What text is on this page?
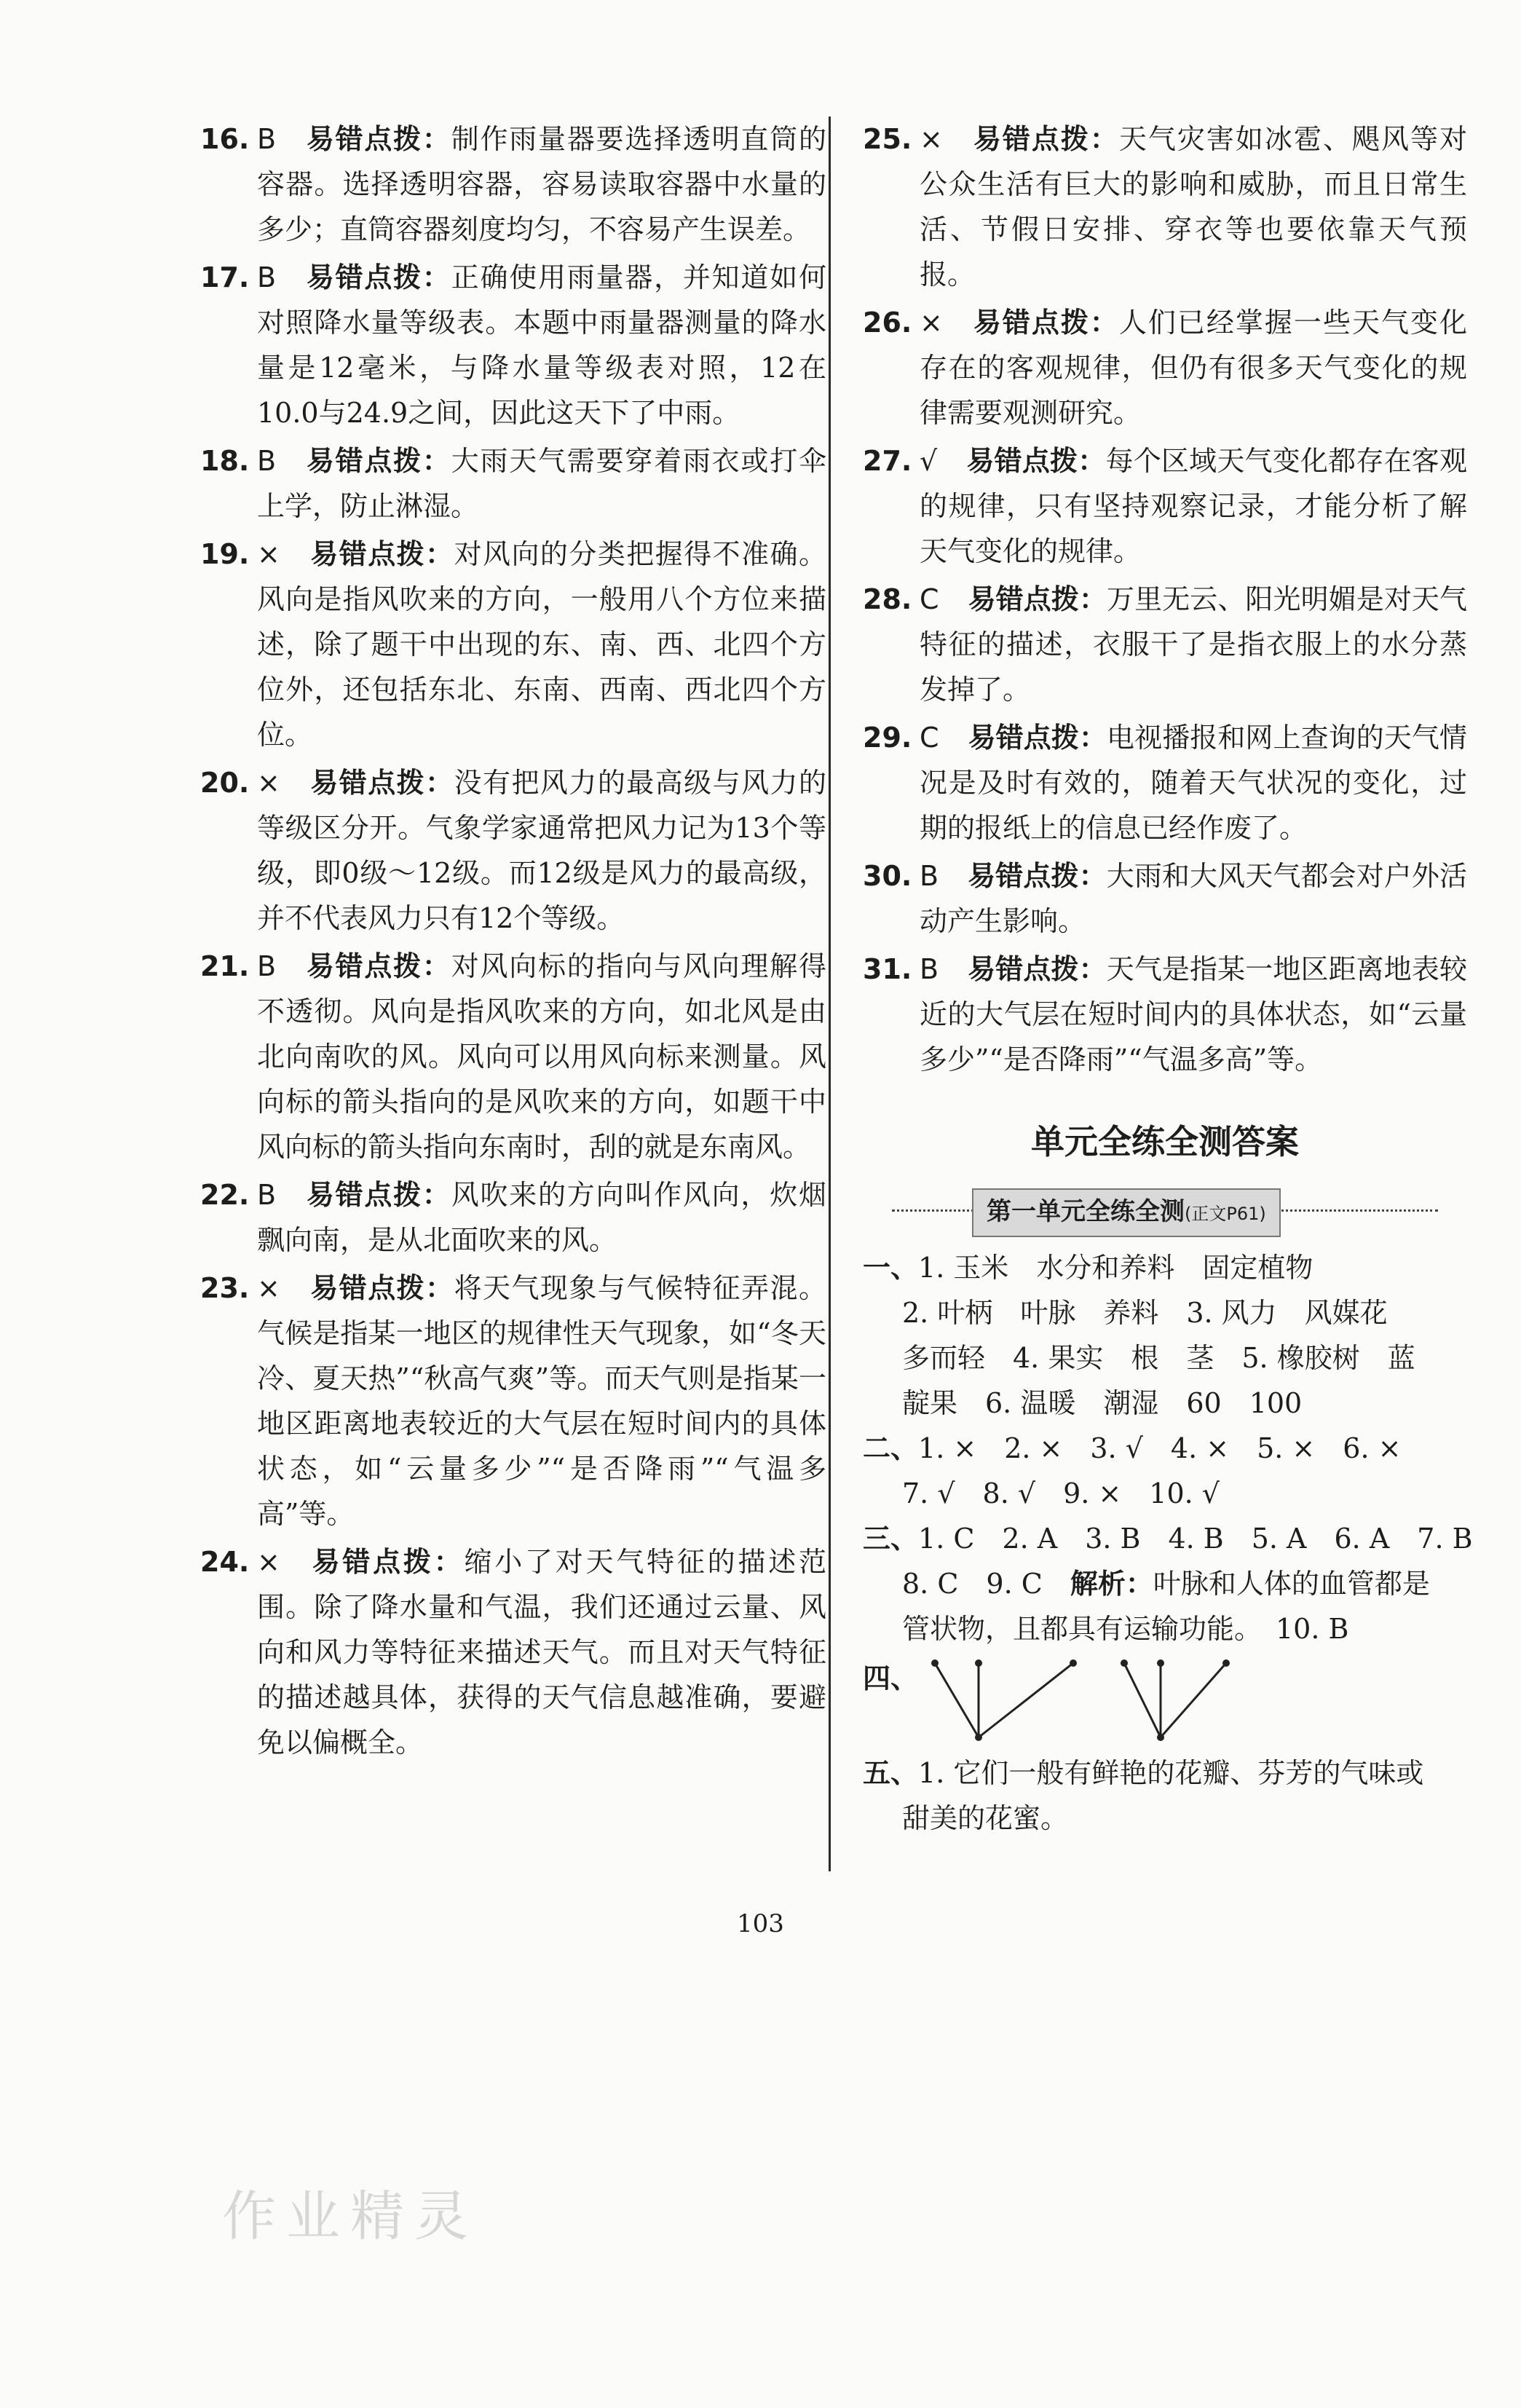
16. B 易错点拨：制作雨量器要选择透明直筒的容器。选择透明容器，容易读取容器中水量的多少；直筒容器刻度均匀，不容易产生误差。
17. B 易错点拨：正确使用雨量器，并知道如何对照降水量等级表。本题中雨量器测量的降水量是12毫米，与降水量等级表对照，12在10.0与24.9之间，因此这天下了中雨。
18. B 易错点拨：大雨天气需要穿着雨衣或打伞上学，防止淋湿。
19. × 易错点拨：对风向的分类把握得不准确。风向是指风吹来的方向，一般用八个方位来描述，除了题干中出现的东、南、西、北四个方位外，还包括东北、东南、西南、西北四个方位。
20. × 易错点拨：没有把风力的最高级与风力的等级区分开。气象学家通常把风力记为13个等级，即0级～12级。而12级是风力的最高级，并不代表风力只有12个等级。
21. B 易错点拨：对风向标的指向与风向理解得不透彻。风向是指风吹来的方向，如北风是由北向南吹的风。风向可以用风向标来测量。风向标的箭头指向的是风吹来的方向，如题干中风向标的箭头指向东南时，刮的就是东南风。
22. B 易错点拨：风吹来的方向叫作风向，炊烟飘向南，是从北面吹来的风。
23. × 易错点拨：将天气现象与气候特征弄混。气候是指某一地区的规律性天气现象，如“冬天冷、夏天热”“秋高气爽”等。而天气则是指某一地区距离地表较近的大气层在短时间内的具体状态，如“云量多少”“是否降雨”“气温多高”等。
24. × 易错点拨：缩小了对天气特征的描述范围。除了降水量和气温，我们还通过云量、风向和风力等特征来描述天气。而且对天气特征的描述越具体，获得的天气信息越准确，要避免以偏概全。
25. × 易错点拨：天气灾害如冰雹、飓风等对公众生活有巨大的影响和威胁，而且日常生活、节假日安排、穿衣等也要依靠天气预报。
26. × 易错点拨：人们已经掌握一些天气变化存在的客观规律，但仍有很多天气变化的规律需要观测研究。
27. √ 易错点拨：每个区域天气变化都存在客观的规律，只有坚持观察记录，才能分析了解天气变化的规律。
28. C 易错点拨：万里无云、阳光明媚是对天气特征的描述，衣服干了是指衣服上的水分蒸发掉了。
29. C 易错点拨：电视播报和网上查询的天气情况是及时有效的，随着天气状况的变化，过期的报纸上的信息已经作废了。
30. B 易错点拨：大雨和大风天气都会对户外活动产生影响。
31. B 易错点拨：天气是指某一地区距离地表较近的大气层在短时间内的具体状态，如“云量多少”“是否降雨”“气温多高”等。
单元全练全测答案
第一单元全练全测(正文P61)
一、1. 玉米　水分和养料　固定植物
2. 叶柄　叶脉　养料　3. 风力　风媒花
多而轻　4. 果实　根　茎　5. 橡胶树　蓝
靛果　6. 温暖　潮湿　60　100
二、1. ×　2. ×　3. √　4. ×　5. ×　6. ×
7. √　8. √　9. ×　10. √
三、1. C　2. A　3. B　4. B　5. A　6. A　7. B
8. C　9. C　解析：叶脉和人体的血管都是
管状物，且都具有运输功能。　10. B
四、
五、1. 它们一般有鲜艳的花瓣、芬芳的气味或
甜美的花蜜。
103
作业精灵
